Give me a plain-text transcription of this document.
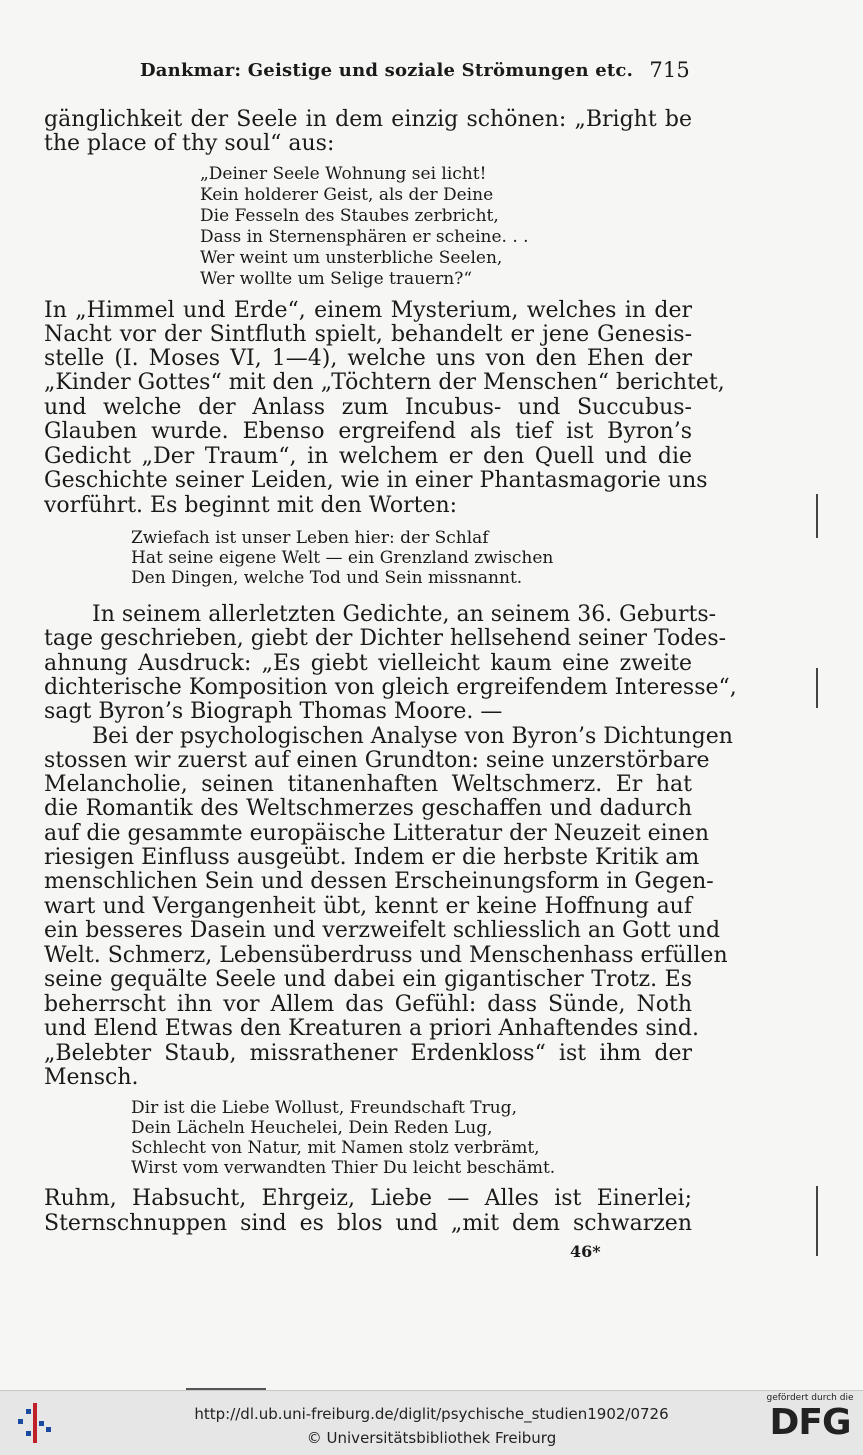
Dankmar: Geistige und soziale Strömungen etc. 715
gänglichkeit der Seele in dem einzig schönen: „Bright be
the place of thy soul“ aus:
„Deiner Seele Wohnung sei licht!
Kein holderer Geist, als der Deine
Die Fesseln des Staubes zerbricht,
Dass in Sternensphären er scheine. . .
Wer weint um unsterbliche Seelen,
Wer wollte um Selige trauern?“
In „Himmel und Erde“, einem Mysterium, welches in der
Nacht vor der Sintfluth spielt, behandelt er jene Genesis-
stelle (I. Moses VI, 1—4), welche uns von den Ehen der
„Kinder Gottes“ mit den „Töchtern der Menschen“ berichtet,
und welche der Anlass zum Incubus- und Succubus-
Glauben wurde. Ebenso ergreifend als tief ist Byron’s
Gedicht „Der Traum“, in welchem er den Quell und die
Geschichte seiner Leiden, wie in einer Phantasmagorie uns
vorführt. Es beginnt mit den Worten:
Zwiefach ist unser Leben hier: der Schlaf
Hat seine eigene Welt — ein Grenzland zwischen
Den Dingen, welche Tod und Sein missnannt.
In seinem allerletzten Gedichte, an seinem 36. Geburts-
tage geschrieben, giebt der Dichter hellsehend seiner Todes-
ahnung Ausdruck: „Es giebt vielleicht kaum eine zweite
dichterische Komposition von gleich ergreifendem Interesse“,
sagt Byron’s Biograph Thomas Moore. —
Bei der psychologischen Analyse von Byron’s Dichtungen
stossen wir zuerst auf einen Grundton: seine unzerstörbare
Melancholie, seinen titanenhaften Weltschmerz. Er hat
die Romantik des Weltschmerzes geschaffen und dadurch
auf die gesammte europäische Litteratur der Neuzeit einen
riesigen Einfluss ausgeübt. Indem er die herbste Kritik am
menschlichen Sein und dessen Erscheinungsform in Gegen-
wart und Vergangenheit übt, kennt er keine Hoffnung auf
ein besseres Dasein und verzweifelt schliesslich an Gott und
Welt. Schmerz, Lebensüberdruss und Menschenhass erfüllen
seine gequälte Seele und dabei ein gigantischer Trotz. Es
beherrscht ihn vor Allem das Gefühl: dass Sünde, Noth
und Elend Etwas den Kreaturen a priori Anhaftendes sind.
„Belebter Staub, missrathener Erdenkloss“ ist ihm der
Mensch.
Dir ist die Liebe Wollust, Freundschaft Trug,
Dein Lächeln Heuchelei, Dein Reden Lug,
Schlecht von Natur, mit Namen stolz verbrämt,
Wirst vom verwandten Thier Du leicht beschämt.
Ruhm, Habsucht, Ehrgeiz, Liebe — Alles ist Einerlei;
Sternschnuppen sind es blos und „mit dem schwarzen
46*
http://dl.ub.uni-freiburg.de/diglit/psychische_studien1902/0726
© Universitätsbibliothek Freiburg
gefördert durch die
DFG
